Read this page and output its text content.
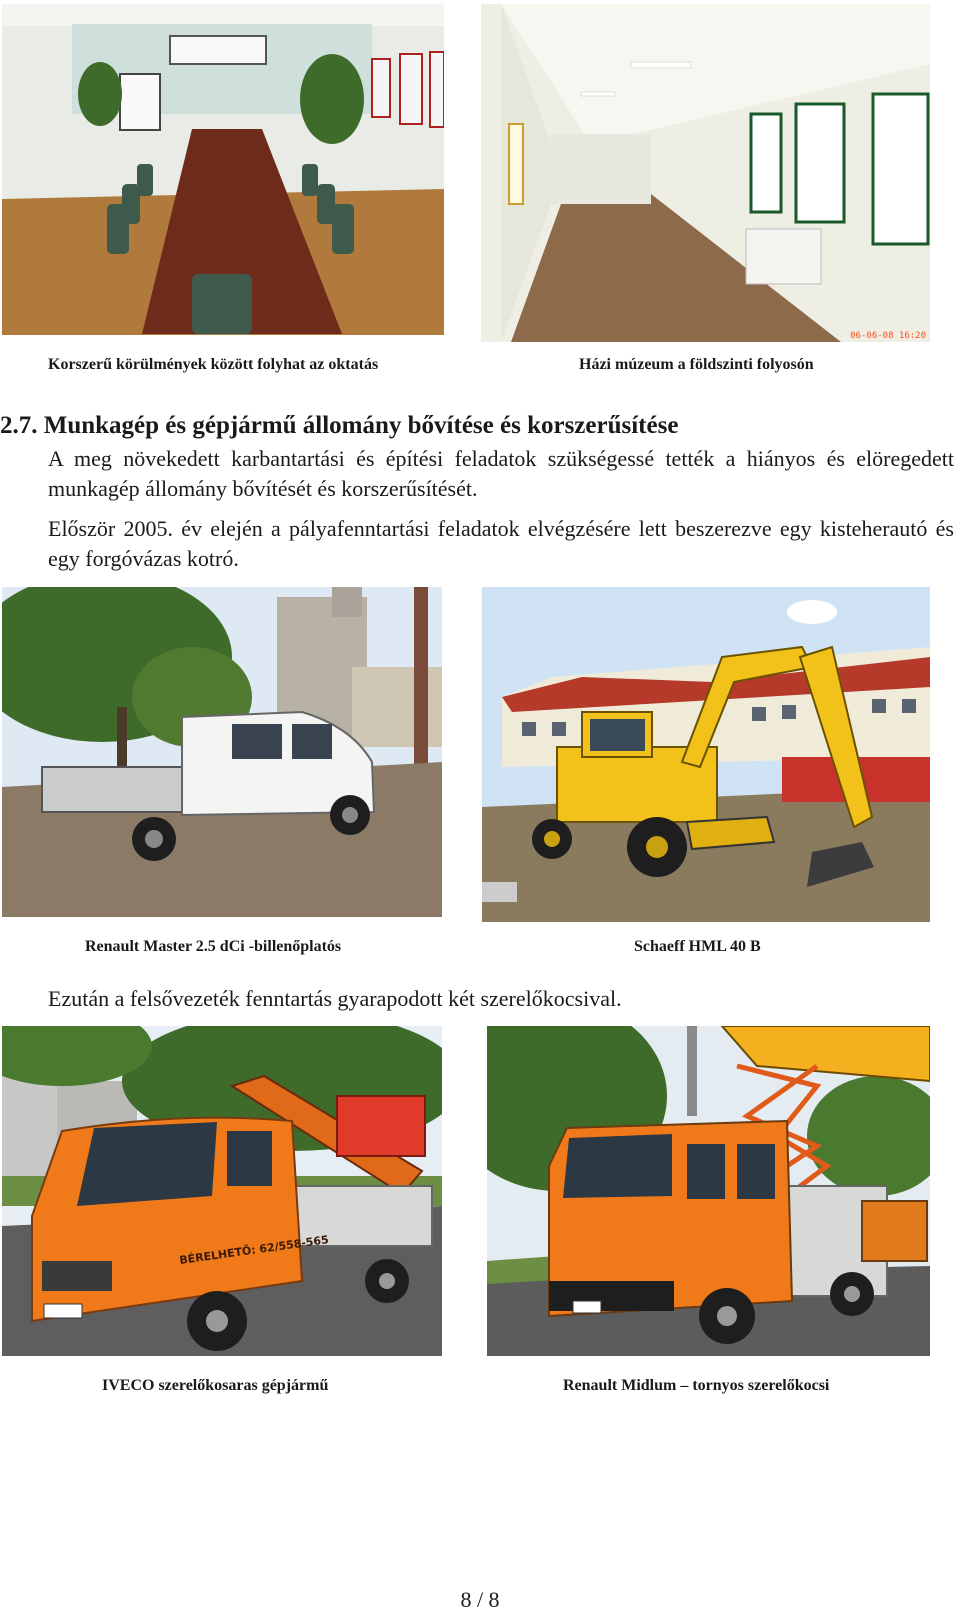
Korszerű körülmények között folyhat az oktatás
06-06-08 16:20
Házi múzeum a földszinti folyosón
2.7. Munkagép és gépjármű állomány bővítése és korszerűsítése

A meg növekedett karbantartási és építési feladatok szükségessé tették a hiányos és elöregedett munkagép állomány bővítését és korszerűsítését.

Először 2005. év elején a pályafenntartási feladatok elvégzésére lett beszerezve egy kisteherautó és egy forgóvázas kotró.

Renault Master 2.5 dCi -billenőplatós	Schaeff HML 40 B

Ezután a felsővezeték fenntartás gyarapodott két szerelőkocsival.

BÉRELHETŐ: 62/558-565
IVECO szerelőkosaras gépjármű	Renault Midlum – tornyos szerelőkocsi
8 / 8
